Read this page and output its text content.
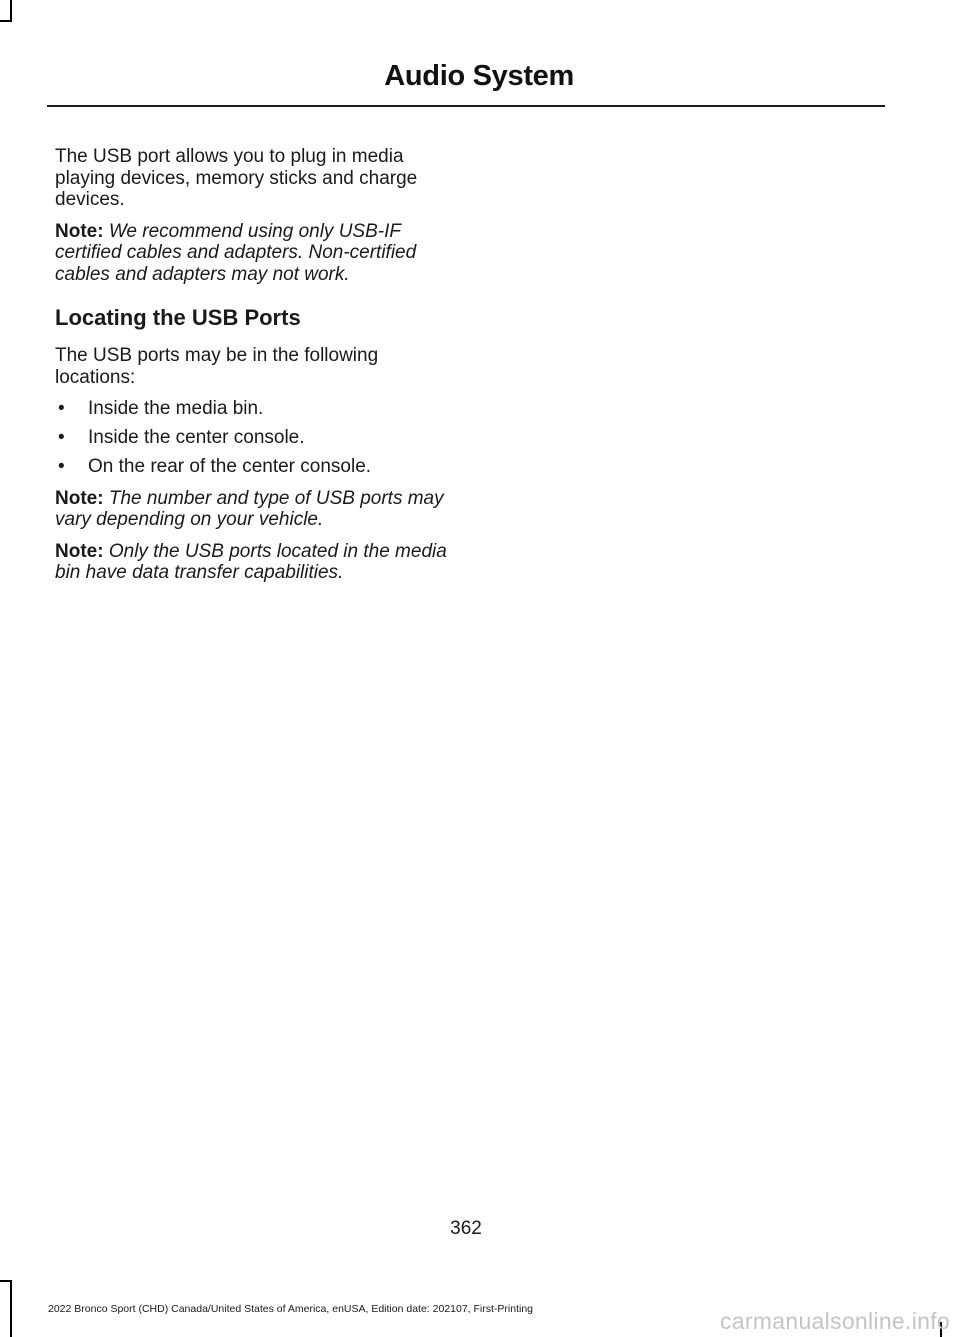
Audio System

The USB port allows you to plug in media playing devices, memory sticks and charge devices.

Note: We recommend using only USB-IF certified cables and adapters. Non-certified cables and adapters may not work.

Locating the USB Ports

The USB ports may be in the following locations:

• Inside the media bin.
• Inside the center console.
• On the rear of the center console.

Note: The number and type of USB ports may vary depending on your vehicle.

Note: Only the USB ports located in the media bin have data transfer capabilities.

362
2022 Bronco Sport (CHD) Canada/United States of America, enUSA, Edition date: 202107, First-Printing	carmanualsonline.info
